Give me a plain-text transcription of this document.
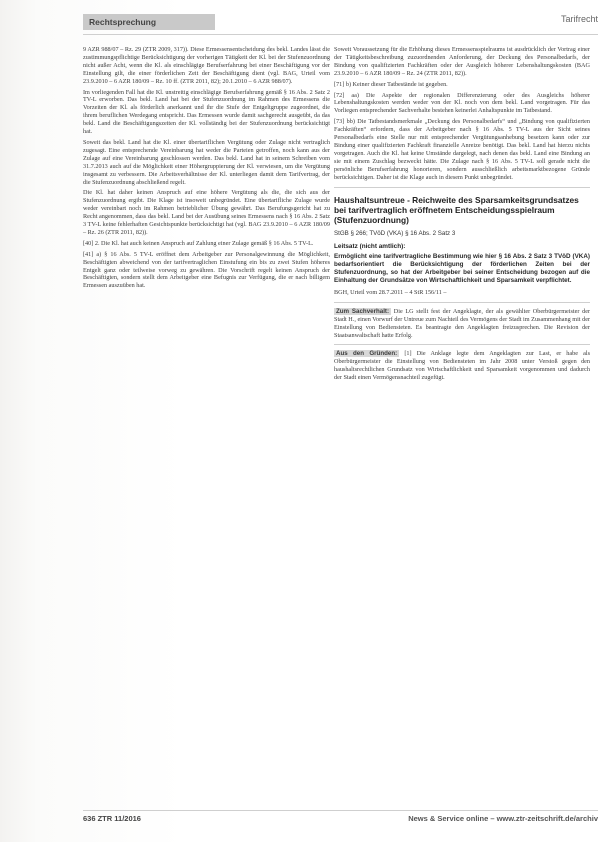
Rechtsprechung	Tarifrecht

9 AZR 988/07 – Rz. 29 (ZTR 2009, 317)). Diese Ermessensentscheidung des bekl. Landes lässt die zustimmungspflichtige Berücksichtigung der vorherigen Tätigkeit der Kl. bei der Stufenzuordnung nicht außer Acht, wenn die Kl. als einschlägige Berufserfahrung bei einer Beschäftigung vor der Einstellung gilt, die einer förderlichen Zeit der Beschäftigung dient (vgl. BAG, Urteil vom 23.9.2010 – 6 AZR 180/09 – Rz. 10 ff. (ZTR 2011, 82); 20.1.2010 – 6 AZR 988/07).

Im vorliegenden Fall hat die Kl. unstreitig einschlägige Berufserfahrung gemäß § 16 Abs. 2 Satz 2 TV-L erworben. Das bekl. Land hat bei der Stufenzuordnung im Rahmen des Ermessens die Vorzeiten der Kl. als förderlich anerkannt und ihr die Stufe der Entgeltgruppe zugeordnet, die ihrem beruflichen Werdegang entspricht. Das Ermessen wurde damit sachgerecht ausgeübt, da das bekl. Land die Beschäftigungszeiten der Kl. vollständig bei der Stufenzuordnung berücksichtigt hat.

Soweit das bekl. Land hat die Kl. einer übertariflichen Vergütung oder Zulage nicht vertraglich zugesagt. Eine entsprechende Vereinbarung hat weder die Parteien getroffen, noch kann aus der Zulage auf eine Vereinbarung geschlossen werden. Das bekl. Land hat in seinem Schreiben vom 31.7.2013 auch auf die Möglichkeit einer Höhergruppierung der Kl. verwiesen, um die Vergütung insgesamt zu verbessern. Die Arbeitsverhältnisse der Kl. unterliegen damit dem Tarifvertrag, der die Stufenzuordnung abschließend regelt.

Die Kl. hat daher keinen Anspruch auf eine höhere Vergütung als die, die sich aus der Stufenzuordnung ergibt. Die Klage ist insoweit unbegründet. Eine übertarifliche Zulage wurde weder vereinbart noch im Rahmen betrieblicher Übung gewährt. Das Berufungsgericht hat zu Recht angenommen, dass das bekl. Land bei der Ausübung seines Ermessens nach § 16 Abs. 2 Satz 3 TV-L keine fehlerhaften Gesichtspunkte berücksichtigt hat (vgl. BAG 23.9.2010 – 6 AZR 180/09 – Rz. 26 (ZTR 2011, 82)).

[40] 2. Die Kl. hat auch keinen Anspruch auf Zahlung einer Zulage gemäß § 16 Abs. 5 TV-L.

[41] a) § 16 Abs. 5 TV-L eröffnet dem Arbeitgeber zur Personalgewinnung die Möglichkeit, Beschäftigten abweichend von der tarifvertraglichen Einstufung ein bis zu zwei Stufen höheres Entgelt ganz oder teilweise vorweg zu gewähren. Die Vorschrift regelt keinen Anspruch der Beschäftigten, sondern stellt dem Arbeitgeber eine Befugnis zur Verfügung, die er nach billigem Ermessen auszuüben hat.

Soweit Voraussetzung für die Erhöhung dieses Ermessensspielraums ist ausdrücklich der Vortrag einer der Tätigkeitsbeschreibung zuzuordnenden Anforderung, der Deckung des Personalbedarfs, der Bindung von qualifizierten Fachkräften oder der Ausgleich höherer Lebenshaltungskosten (BAG 23.9.2010 – 6 AZR 180/09 – Rz. 24 (ZTR 2011, 82)).

[71] b) Keiner dieser Tatbestände ist gegeben.

[72] aa) Die Aspekte der regionalen Differenzierung oder des Ausgleichs höherer Lebenshaltungskosten werden weder von der Kl. noch von dem bekl. Land vorgetragen. Für das Vorliegen entsprechender Sachverhalte bestehen keinerlei Anhaltspunkte im Tatbestand.

[73] bb) Die Tatbestandsmerkmale „Deckung des Personalbedarfs“ und „Bindung von qualifizierten Fachkräften“ erfordern, dass der Arbeitgeber nach § 16 Abs. 5 TV-L aus der Sicht seines Personalbedarfs eine Stelle nur mit entsprechender Vergütungsanhebung besetzen kann oder zur Bindung einer qualifizierten Fachkraft finanzielle Anreize benötigt. Das bekl. Land hat hierzu nichts vorgetragen. Auch die Kl. hat keine Umstände dargelegt, nach denen das bekl. Land eine Bindung an sie mit einem Zuschlag bezweckt hätte. Die Zulage nach § 16 Abs. 5 TV-L soll gerade nicht die persönliche Berufserfahrung honorieren, sondern ausschließlich arbeitsmarktbezogene Gründe berücksichtigen. Daher ist die Klage auch in diesem Punkt unbegründet.

Haushaltsuntreue - Reichweite des Sparsamkeitsgrundsatzes bei tarifvertraglich eröffnetem Entscheidungsspielraum (Stufenzuordnung)

StGB § 266; TVöD (VKA) § 16 Abs. 2 Satz 3

Leitsatz (nicht amtlich):

Ermöglicht eine tarifvertragliche Bestimmung wie hier § 16 Abs. 2 Satz 3 TVöD (VKA) bedarfsorientiert die Berücksichtigung der förderlichen Zeiten bei der Stufenzuordnung, so hat der Arbeitgeber bei seiner Entscheidung bezogen auf die Einhaltung der Grundsätze von Wirtschaftlichkeit und Sparsamkeit verpflichtet.

BGH, Urteil vom 28.7.2011 – 4 StR 156/11 –

Zum Sachverhalt: Die LG stellt fest der Angeklagte, der als gewählter Oberbürgermeister der Stadt H., einen Vorwurf der Untreue zum Nachteil des Vermögens der Stadt im Zusammenhang mit der Einstellung von Bediensteten. Es beantragte den Angeklagten freizusprechen. Die Revision der Staatsanwaltschaft hatte Erfolg.

Aus den Gründen: [1] Die Anklage legte dem Angeklagten zur Last, er habe als Oberbürgermeister die Einstellung von Bediensteten im Jahr 2008 unter Verstoß gegen den haushaltsrechtlichen Grundsatz von Wirtschaftlichkeit und Sparsamkeit vorgenommen und dadurch der Stadt einen Vermögensnachteil zugefügt.

636 ZTR 11/2016	News & Service online – www.ztr-zeitschrift.de/archiv
